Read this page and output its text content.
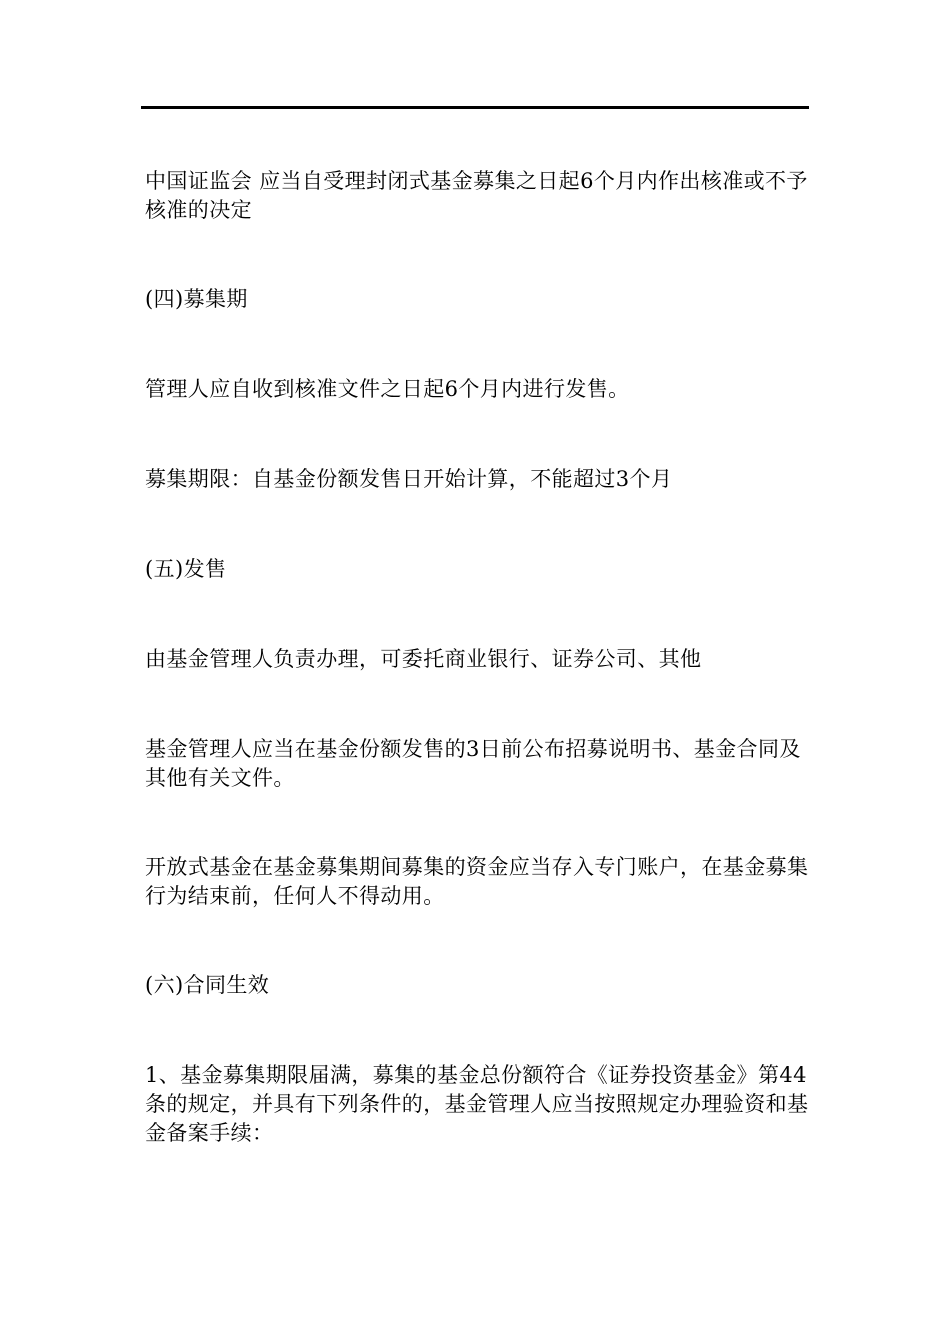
中国证监会 应当自受理封闭式基金募集之日起6个月内作出核准或不予核准的决定

(四)募集期

管理人应自收到核准文件之日起6个月内进行发售。

募集期限：自基金份额发售日开始计算，不能超过3个月

(五)发售

由基金管理人负责办理，可委托商业银行、证券公司、其他

基金管理人应当在基金份额发售的3日前公布招募说明书、基金合同及其他有关文件。

开放式基金在基金募集期间募集的资金应当存入专门账户，在基金募集行为结束前，任何人不得动用。

(六)合同生效

1、基金募集期限届满，募集的基金总份额符合《证券投资基金》第44条的规定，并具有下列条件的，基金管理人应当按照规定办理验资和基金备案手续：
